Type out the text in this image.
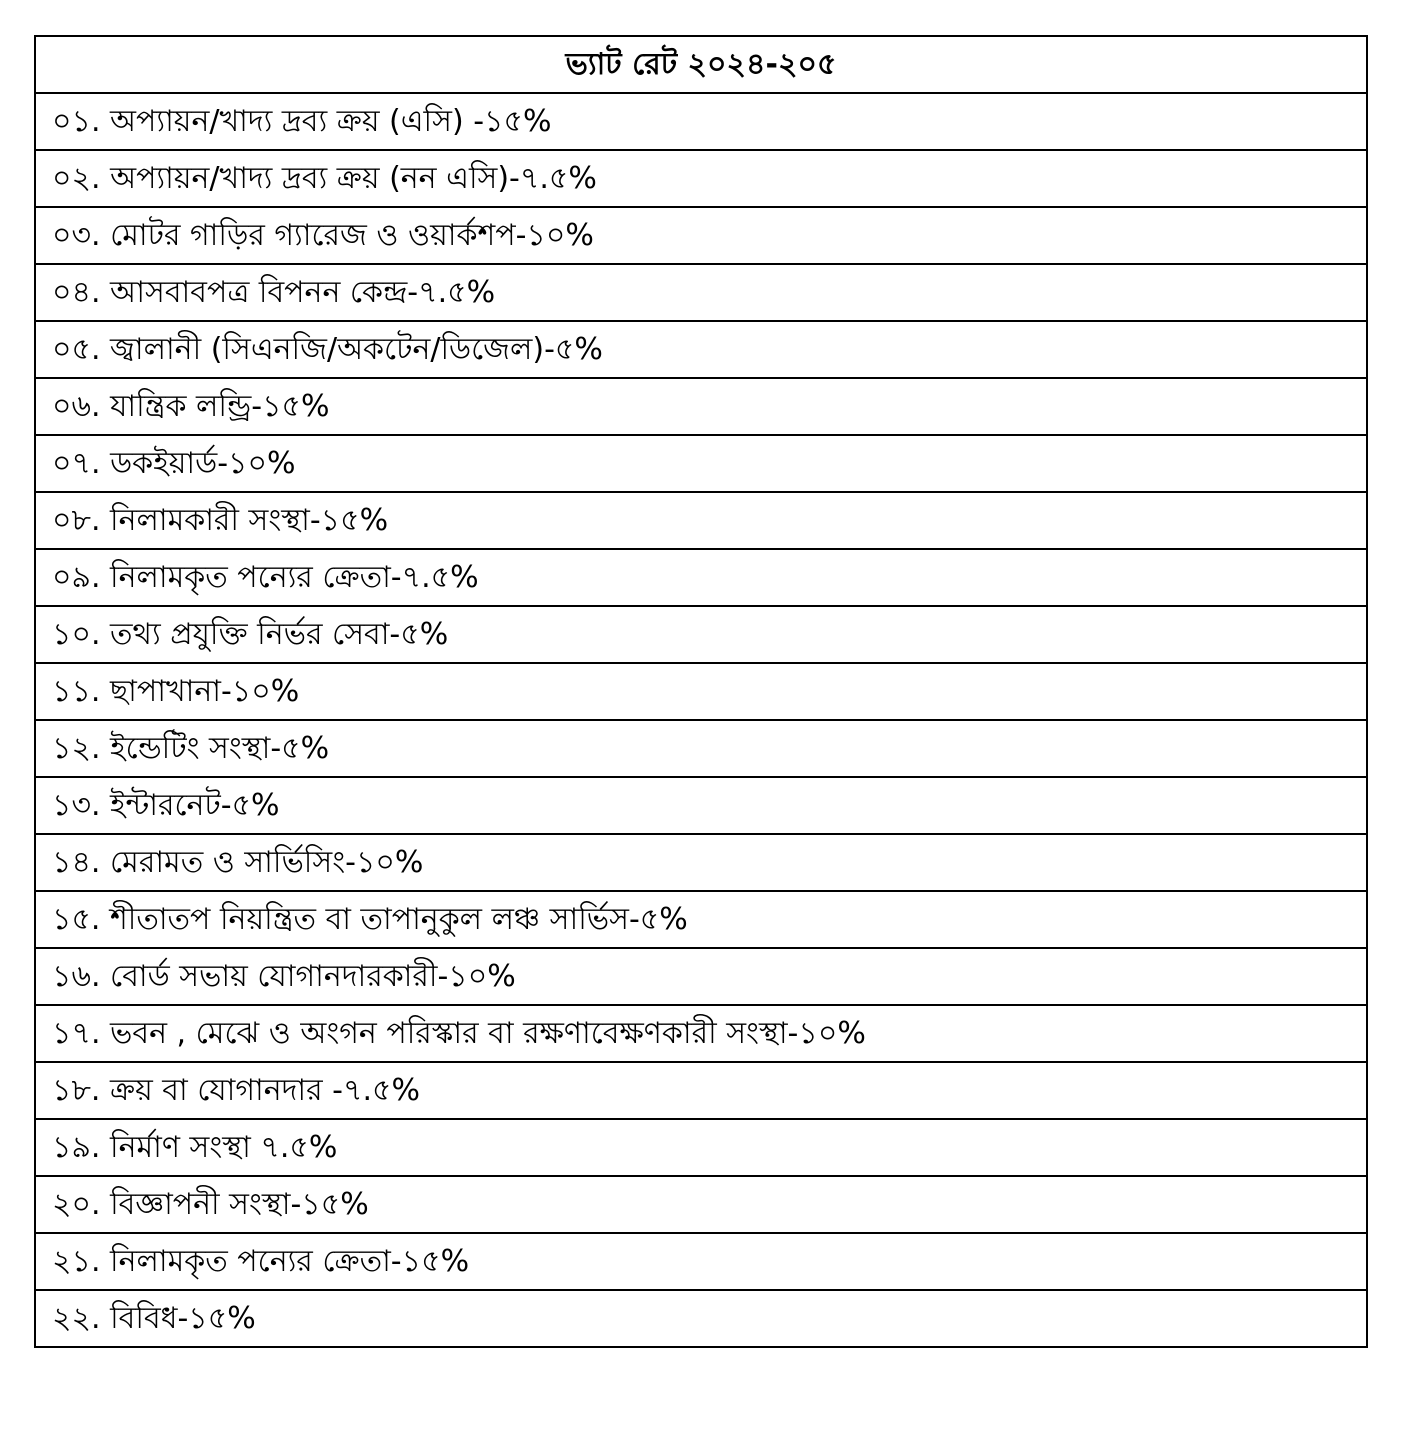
ভ্যাট রেট ২০২৪-২০৫
০১. অপ্যায়ন/খাদ্য দ্রব্য ক্রয় (এসি) -১৫%
০২. অপ্যায়ন/খাদ্য দ্রব্য ক্রয় (নন এসি)-৭.৫%
০৩. মোটর গাড়ির গ্যারেজ ও ওয়ার্কশপ-১০%
০৪. আসবাবপত্র বিপনন কেন্দ্র-৭.৫%
০৫. জ্বালানী (সিএনজি/অকটেন/ডিজেল)-৫%
০৬. যান্ত্রিক লন্ড্রি-১৫%
০৭. ডকইয়ার্ড-১০%
০৮. নিলামকারী সংস্থা-১৫%
০৯. নিলামকৃত পন্যের ক্রেতা-৭.৫%
১০. তথ্য প্রযুক্তি নির্ভর সেবা-৫%
১১. ছাপাখানা-১০%
১২. ইন্ডেটিং সংস্থা-৫%
১৩. ইন্টারনেট-৫%
১৪. মেরামত ও সার্ভিসিং-১০%
১৫. শীতাতপ নিয়ন্ত্রিত বা তাপানুকুল লঞ্চ সার্ভিস-৫%
১৬. বোর্ড সভায় যোগানদারকারী-১০%
১৭. ভবন , মেঝে ও অংগন পরিস্কার বা রক্ষণাবেক্ষণকারী সংস্থা-১০%
১৮. ক্রয় বা যোগানদার -৭.৫%
১৯. নির্মাণ সংস্থা ৭.৫%
২০. বিজ্ঞাপনী সংস্থা-১৫%
২১. নিলামকৃত পন্যের ক্রেতা-১৫%
২২. বিবিধ-১৫%
